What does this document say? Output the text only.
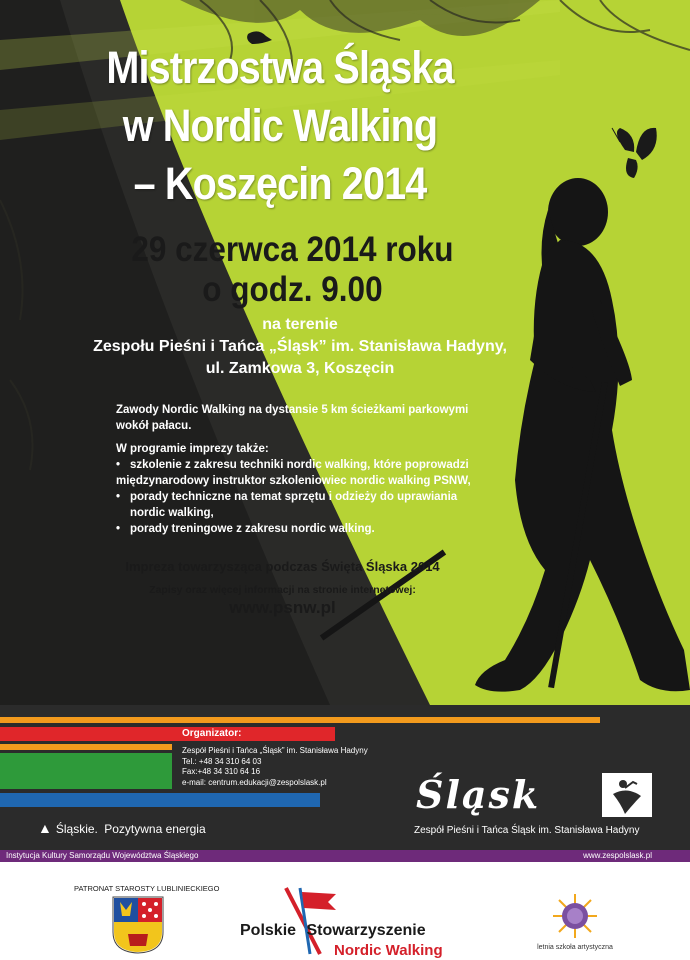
Mistrzostwa Śląska
w Nordic Walking
– Koszęcin 2014
29 czerwca 2014 roku
o godz. 9.00
na terenie
Zespołu Pieśni i Tańca „Śląsk” im. Stanisława Hadyny,
ul. Zamkowa 3, Koszęcin
Zawody Nordic Walking na dystansie 5 km ścieżkami parkowymi
wokół pałacu.
W programie imprezy także:
• szkolenie z zakresu techniki nordic walking, które poprowadzi
międzynarodowy instruktor szkoleniowiec nordic walking PSNW,
• porady techniczne na temat sprzętu i odzieży do uprawiania
nordic walking,
• porady treningowe z zakresu nordic walking.
Impreza towarzysząca podczas Święta Śląska 2014
Zapisy oraz więcej informacji na stronie internetowej:
www.psnw.pl
Organizator:
Zespół Pieśni i Tańca „Śląsk” im. Stanisława Hadyny
Tel.: +48 34 310 64 03
Fax:+48 34 310 64 16
e-mail: centrum.edukacji@zespolslask.pl
▲ Śląskie. Pozytywna energia
Śląsk
Zespół Pieśni i Tańca Śląsk im. Stanisława Hadyny
Instytucja Kultury Samorządu Województwa Śląskiego	www.zespolslask.pl
PATRONAT STAROSTY LUBLINIECKIEGO
Polskie Stowarzyszenie
Nordic Walking	letnia szkoła artystyczna
